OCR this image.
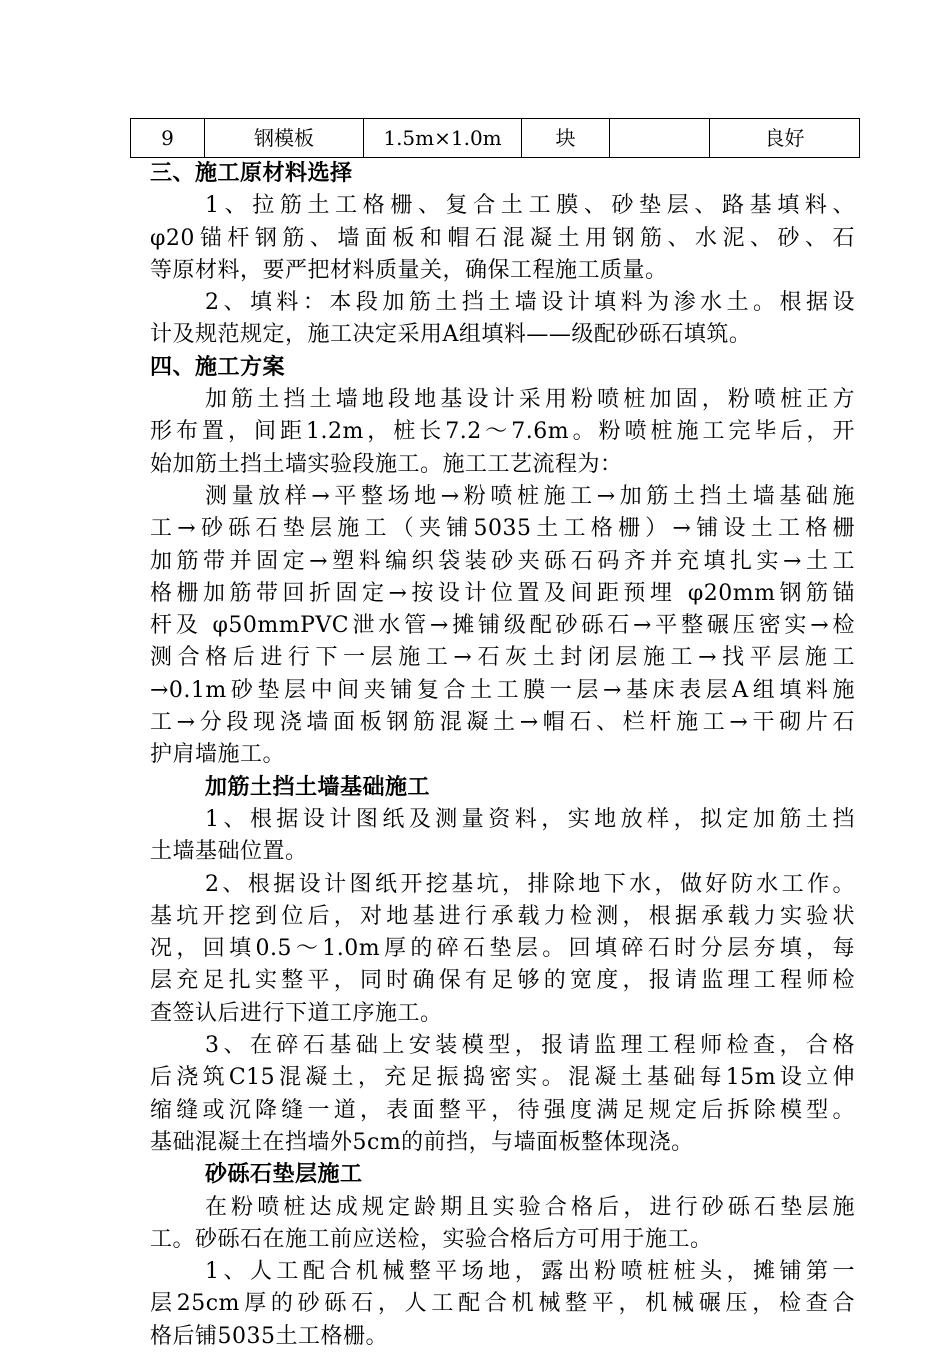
9	钢模板	1.5m×1.0m	块		良好
三、施工原材料选择
1、拉筋土工格栅、复合土工膜、砂垫层、路基填料、
φ20锚杆钢筋、墙面板和帽石混凝土用钢筋、水泥、砂、石
等原材料，要严把材料质量关，确保工程施工质量。
2、填料：本段加筋土挡土墙设计填料为渗水土。根据设
计及规范规定，施工决定采用A组填料——级配砂砾石填筑。
四、施工方案
加筋土挡土墙地段地基设计采用粉喷桩加固，粉喷桩正方
形布置，间距1.2m，桩长7.2～7.6m。粉喷桩施工完毕后，开
始加筋土挡土墙实验段施工。施工工艺流程为：
测量放样→平整场地→粉喷桩施工→加筋土挡土墙基础施
工→砂砾石垫层施工（夹铺5035土工格栅）→铺设土工格栅
加筋带并固定→塑料编织袋装砂夹砾石码齐并充填扎实→土工
格栅加筋带回折固定→按设计位置及间距预埋 φ20mm钢筋锚
杆及 φ50mmPVC泄水管→摊铺级配砂砾石→平整碾压密实→检
测合格后进行下一层施工→石灰土封闭层施工→找平层施工
→0.1m砂垫层中间夹铺复合土工膜一层→基床表层A组填料施
工→分段现浇墙面板钢筋混凝土→帽石、栏杆施工→干砌片石
护肩墙施工。
加筋土挡土墙基础施工
1、根据设计图纸及测量资料，实地放样，拟定加筋土挡
土墙基础位置。
2、根据设计图纸开挖基坑，排除地下水，做好防水工作。
基坑开挖到位后，对地基进行承载力检测，根据承载力实验状
况，回填0.5～1.0m厚的碎石垫层。回填碎石时分层夯填，每
层充足扎实整平，同时确保有足够的宽度，报请监理工程师检
查签认后进行下道工序施工。
3、在碎石基础上安装模型，报请监理工程师检查，合格
后浇筑C15混凝土，充足振捣密实。混凝土基础每15m设立伸
缩缝或沉降缝一道，表面整平，待强度满足规定后拆除模型。
基础混凝土在挡墙外5cm的前挡，与墙面板整体现浇。
砂砾石垫层施工
在粉喷桩达成规定龄期且实验合格后，进行砂砾石垫层施
工。砂砾石在施工前应送检，实验合格后方可用于施工。
1、人工配合机械整平场地，露出粉喷桩桩头，摊铺第一
层25cm厚的砂砾石，人工配合机械整平，机械碾压，检查合
格后铺5035土工格栅。
